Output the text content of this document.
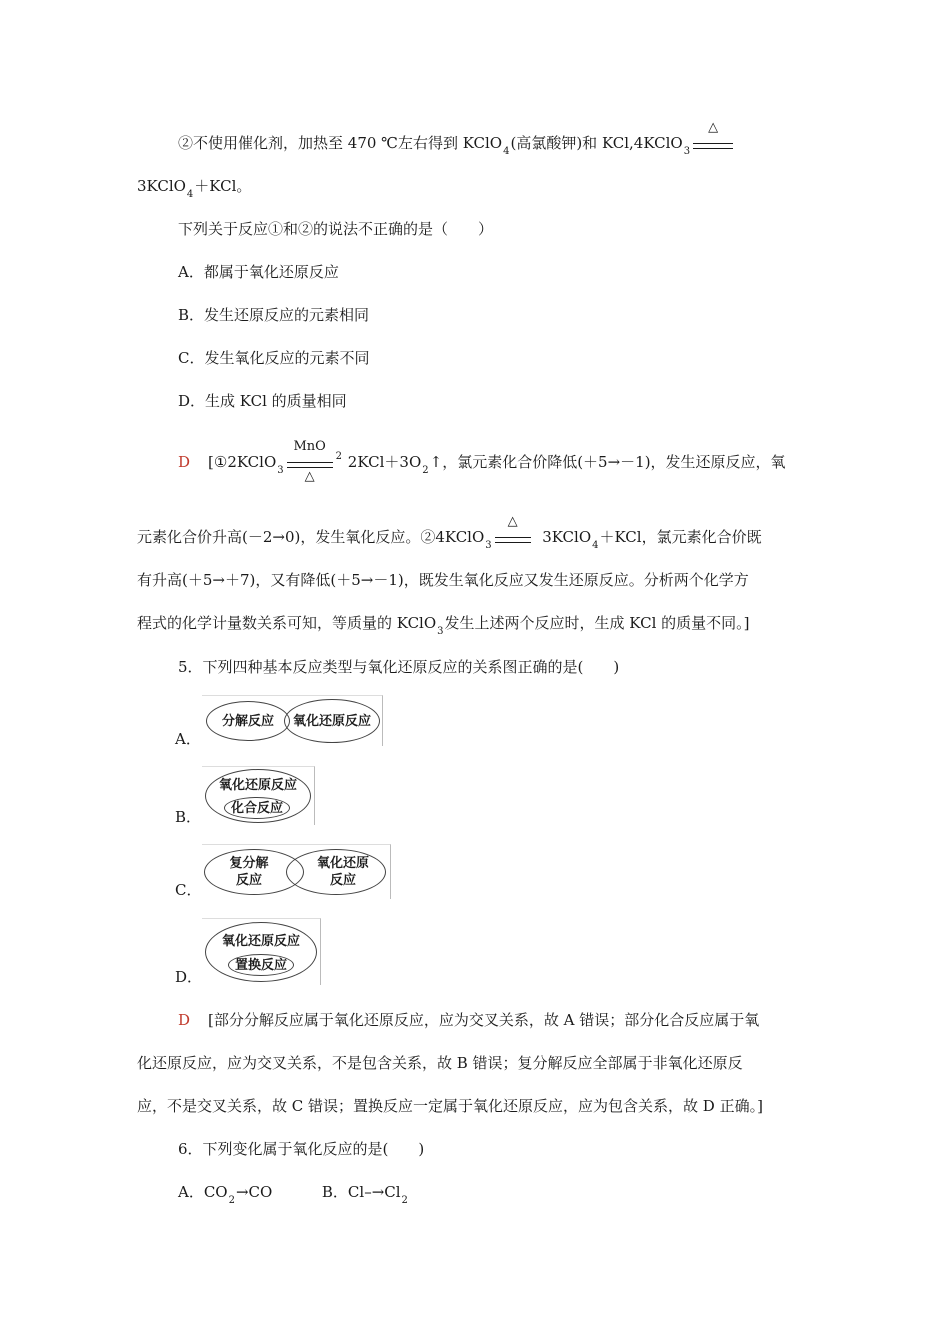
②不使用催化剂，加热至 470 ℃左右得到 KClO$_4$(高氯酸钾)和 KCl,4KClO$_3$
△
3KClO$_4$＋KCl。
下列关于反应①和②的说法不正确的是（　　）
A．都属于氧化还原反应
B．发生还原反应的元素相同
C．发生氧化反应的元素不同
D．生成 KCl 的质量相同
D [①2KClO$_3$
MnO
△
$^2$ $2KCl+3O_2↑$，氯元素化合价降低(＋5→－1)，发生还原反应，氧
元素化合价升高(－2→0)，发生氧化反应。②4KClO$_3$
△
3KClO$_4$＋KCl，氯元素化合价既
有升高(＋5→＋7)，又有降低(＋5→－1)，既发生氧化反应又发生还原反应。分析两个化学方
程式的化学计量数关系可知，等质量的 KClO$_3$发生上述两个反应时，生成 KCl 的质量不同。]
5．下列四种基本反应类型与氧化还原反应的关系图正确的是(　　)
A．
分解反应	氧化还原反应
B．
氧化还原反应
化合反应
C．
复分解
反应
氧化还原
反应
D．
氧化还原反应
置换反应
D [部分分解反应属于氧化还原反应，应为交叉关系，故 A 错误；部分化合反应属于氧
化还原反应，应为交叉关系，不是包含关系，故 B 错误；复分解反应全部属于非氧化还原反
应，不是交叉关系，故 C 错误；置换反应一定属于氧化还原反应，应为包含关系，故 D 正确。]
6．下列变化属于氧化反应的是(　　)
A．$CO_2\to CO$	B．$Cl-\to Cl_2$
